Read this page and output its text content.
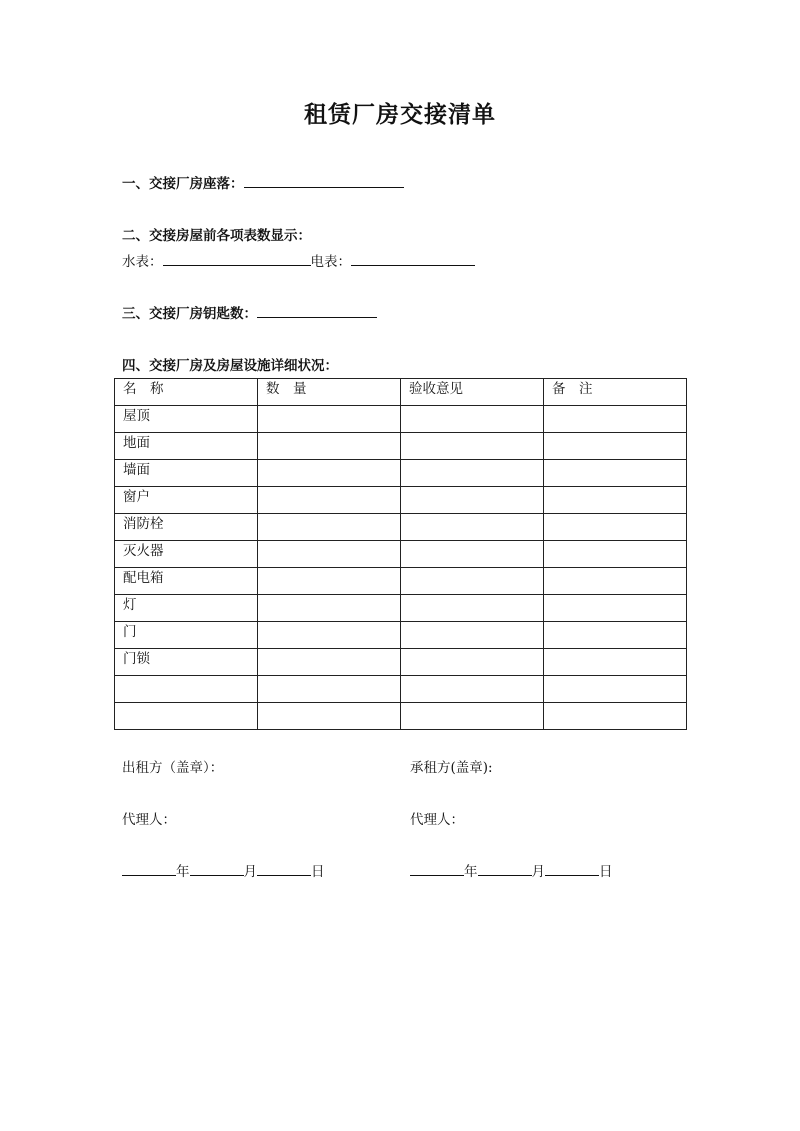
租赁厂房交接清单
一、交接厂房座落：
二、交接房屋前各项表数显示：
水表：	电表：
三、交接厂房钥匙数：
四、交接厂房及房屋设施详细状况：
名　称	数　量	验收意见	备　注
屋顶			
地面			
墙面			
窗户			
消防栓			
灭火器			
配电箱			
灯			
门			
门锁			

出租方（盖章）：	承租方(盖章):
代理人：	代理人：
年	月	日	年	月	日
